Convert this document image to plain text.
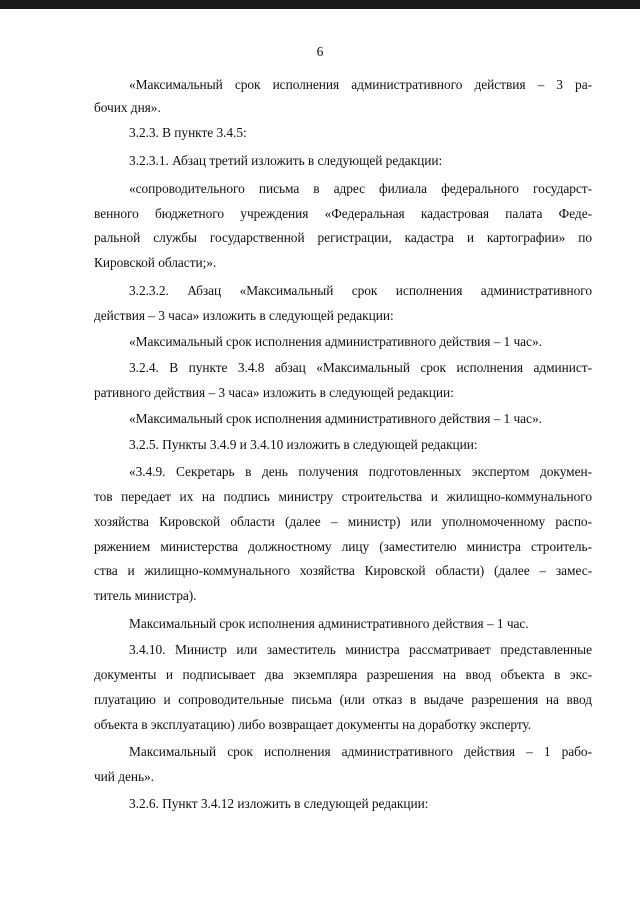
6
«Максимальный срок исполнения административного действия – 3 ра-
бочих дня».
3.2.3. В пункте 3.4.5:
3.2.3.1. Абзац третий изложить в следующей редакции:
«сопроводительного письма в адрес филиала федерального государст-
венного бюджетного учреждения «Федеральная кадастровая палата Феде-
ральной службы государственной регистрации, кадастра и картографии» по
Кировской области;».
3.2.3.2. Абзац «Максимальный срок исполнения административного
действия – 3 часа» изложить в следующей редакции:
«Максимальный срок исполнения административного действия – 1 час».
3.2.4. В пункте 3.4.8 абзац «Максимальный срок исполнения админист-
ративного действия – 3 часа» изложить в следующей редакции:
«Максимальный срок исполнения административного действия – 1 час».
3.2.5. Пункты 3.4.9 и 3.4.10 изложить в следующей редакции:
«3.4.9. Секретарь в день получения подготовленных экспертом докумен-
тов передает их на подпись министру строительства и жилищно-коммунального
хозяйства Кировской области (далее – министр) или уполномоченному распо-
ряжением министерства должностному лицу (заместителю министра строитель-
ства и жилищно-коммунального хозяйства Кировской области) (далее – замес-
титель министра).
Максимальный срок исполнения административного действия – 1 час.
3.4.10. Министр или заместитель министра рассматривает представленные
документы и подписывает два экземпляра разрешения на ввод объекта в экс-
плуатацию и сопроводительные письма (или отказ в выдаче разрешения на ввод
объекта в эксплуатацию) либо возвращает документы на доработку эксперту.
Максимальный срок исполнения административного действия – 1 рабо-
чий день».
3.2.6. Пункт 3.4.12 изложить в следующей редакции:
